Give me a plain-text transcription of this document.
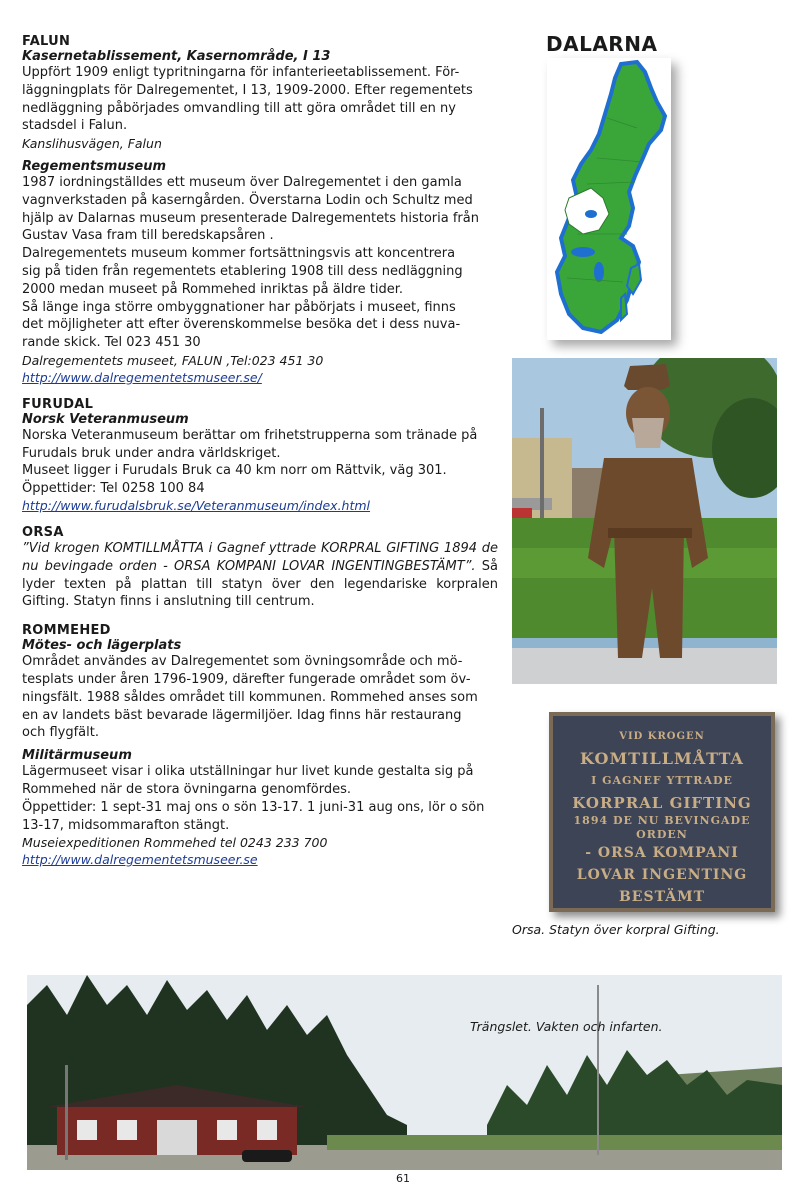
FALUN

Kasernetablissement, Kasernområde, I 13

Uppfört 1909 enligt typritningarna för infanterieetablissement. För-

läggningplats för Dalregementet, I 13, 1909-2000. Efter regementets

nedläggning påbörjades omvandling till att göra området till en ny

stadsdel i Falun.

Kanslihusvägen, Falun

Regementsmuseum

1987 iordningställdes ett museum över Dalregementet i den gamla

vagnverkstaden på kaserngården. Överstarna Lodin och Schultz med

hjälp av Dalarnas museum presenterade Dalregementets historia från

Gustav Vasa fram till beredskapsåren .

Dalregementets museum kommer fortsättningsvis att koncentrera

sig på tiden från regementets etablering 1908 till dess nedläggning

2000 medan museet på Rommehed inriktas på äldre tider.

Så länge inga större ombyggnationer har påbörjats i museet, finns

det möjligheter att efter överenskommelse besöka det i dess nuva-

rande skick. Tel 023 451 30

Dalregementets museet, FALUN ,Tel:023 451 30

http://www.dalregementetsmuseer.se/

FURUDAL

Norsk Veteranmuseum

Norska Veteranmuseum berättar om frihetstrupperna som tränade på

Furudals bruk under andra världskriget.

Museet ligger i Furudals Bruk ca 40 km norr om Rättvik, väg 301.

Öppettider: Tel 0258 100 84

http://www.furudalsbruk.se/Veteranmuseum/index.html

ORSA

”Vid krogen KOMTILLMÅTTA i Gagnef yttrade KORPRAL GIFTING 1894 de nu bevingade orden - ORSA KOMPANI LOVAR INGENTINGBESTÄMT”. Så lyder texten på plattan till statyn över den legendariske korpralen Gifting. Statyn finns i anslutning till centrum.

ROMMEHED

Mötes- och lägerplats

Området användes av Dalregementet som övningsområde och mö-

tesplats under åren 1796-1909, därefter fungerade området som öv-

ningsfält. 1988 såldes området till kommunen. Rommehed anses som

en av landets bäst bevarade lägermiljöer. Idag finns här restaurang

och flygfält.

Militärmuseum

Lägermuseet visar i olika utställningar hur livet kunde gestalta sig på

Rommehed när de stora övningarna genomfördes.

Öppettider: 1 sept-31 maj ons o sön 13-17. 1 juni-31 aug ons, lör o sön

13-17, midsommarafton stängt.

Museiexpeditionen Rommehed tel 0243 233 700

http://www.dalregementetsmuseer.se
DALARNA
VID KROGEN
KOMTILLMÅTTA
I GAGNEF YTTRADE
KORPRAL GIFTING
1894 DE NU BEVINGADE
ORDEN
- ORSA KOMPANI
LOVAR INGENTING
BESTÄMT
Orsa. Statyn över korpral Gifting.
Trängslet. Vakten och infarten.
61
